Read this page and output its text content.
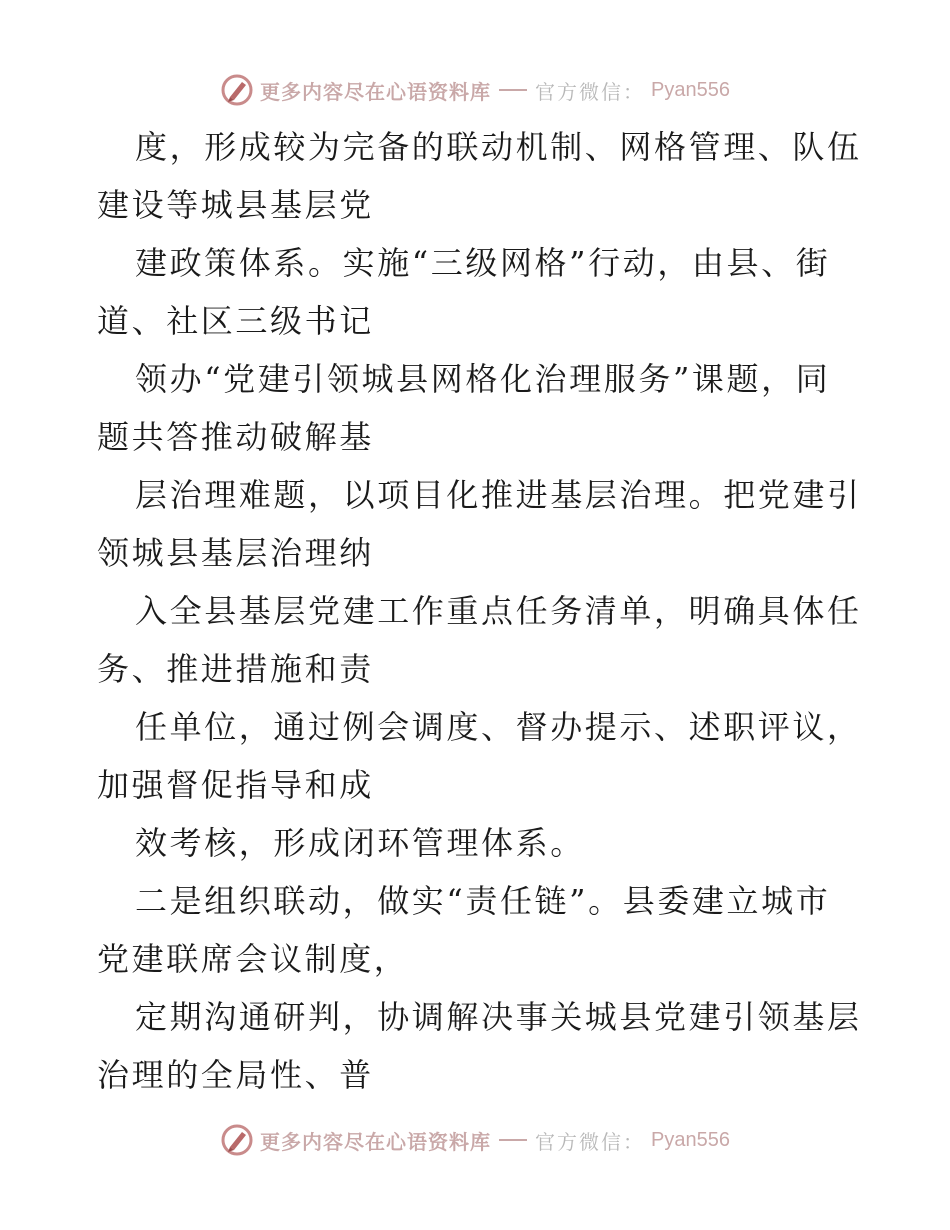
更多内容尽在心语资料库 官方微信： Pyan556
度，形成较为完备的联动机制、网格管理、队伍
建设等城县基层党
建政策体系。实施“三级网格”行动，由县、街
道、社区三级书记
领办“党建引领城县网格化治理服务”课题，同
题共答推动破解基
层治理难题，以项目化推进基层治理。把党建引
领城县基层治理纳
入全县基层党建工作重点任务清单，明确具体任
务、推进措施和责
任单位，通过例会调度、督办提示、述职评议，
加强督促指导和成
效考核，形成闭环管理体系。
二是组织联动，做实“责任链”。县委建立城市
党建联席会议制度，
定期沟通研判，协调解决事关城县党建引领基层
治理的全局性、普
更多内容尽在心语资料库 官方微信： Pyan556
